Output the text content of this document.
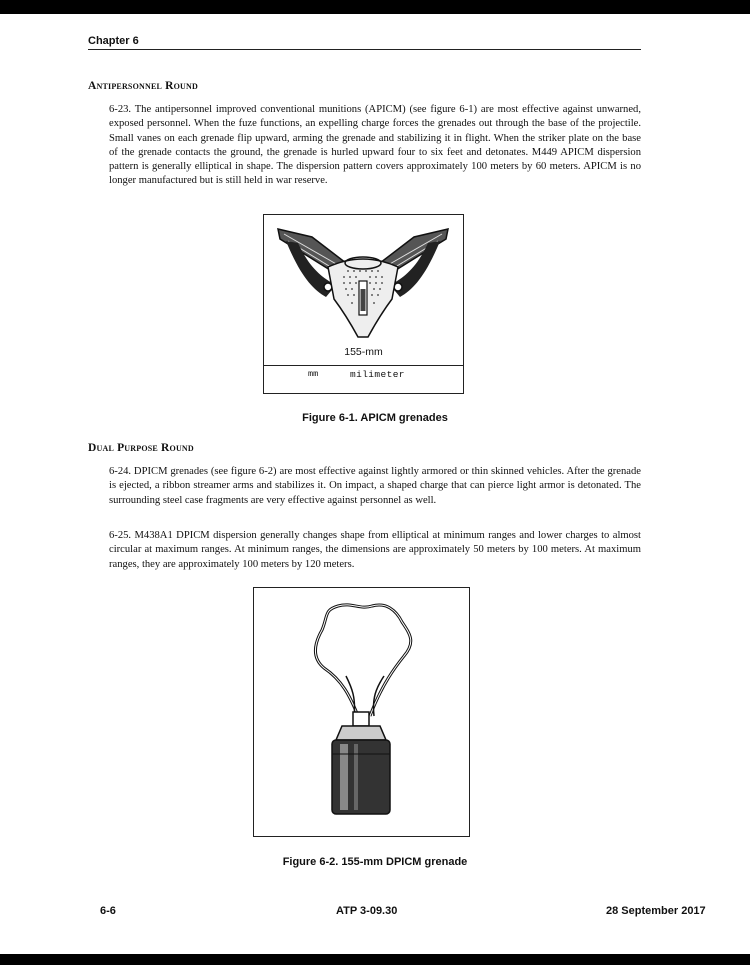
Chapter 6
Antipersonnel Round

6-23. The antipersonnel improved conventional munitions (APICM) (see figure 6-1) are most effective against unwarned, exposed personnel. When the fuze functions, an expelling charge forces the grenades out through the base of the projectile. Small vanes on each grenade flip upward, arming the grenade and stabilizing it in flight. When the striker plate on the base of the grenade contacts the ground, the grenade is hurled upward four to six feet and detonates. M449 APICM dispersion pattern is generally elliptical in shape. The dispersion pattern covers approximately 100 meters by 60 meters. APICM is no longer manufactured but is still held in war reserve.

155-mm
mm	milimeter
Figure 6-1. APICM grenades
Dual Purpose Round

6-24. DPICM grenades (see figure 6-2) are most effective against lightly armored or thin skinned vehicles. After the grenade is ejected, a ribbon streamer arms and stabilizes it. On impact, a shaped charge that can pierce light armor is detonated. The surrounding steel case fragments are very effective against personnel as well.

6-25. M438A1 DPICM dispersion generally changes shape from elliptical at minimum ranges and lower charges to almost circular at maximum ranges. At minimum ranges, the dimensions are approximately 50 meters by 100 meters. At maximum ranges, they are approximately 100 meters by 120 meters.

Figure 6-2. 155-mm DPICM grenade
6-6	ATP 3-09.30	28 September 2017
